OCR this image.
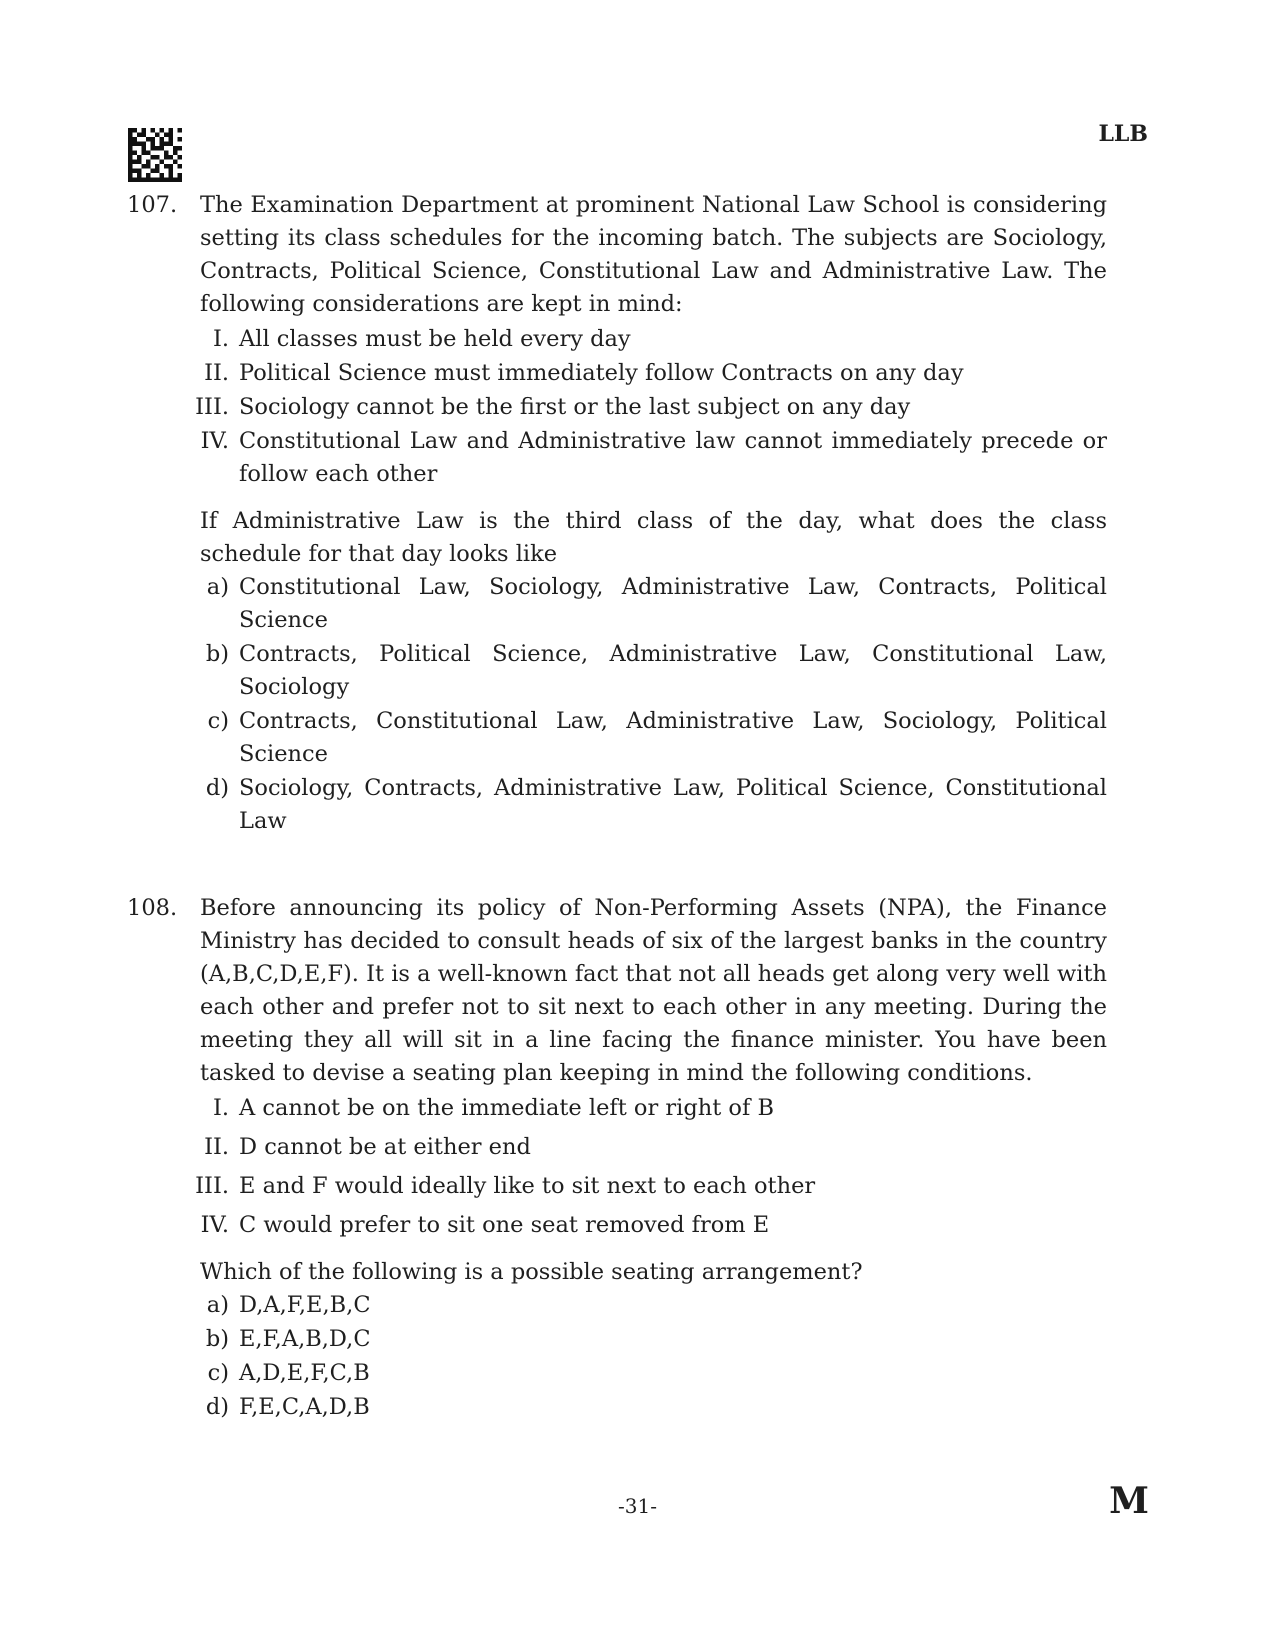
LLB
107. The Examination Department at prominent National Law School is considering setting its class schedules for the incoming batch. The subjects are Sociology, Contracts, Political Science, Constitutional Law and Administrative Law. The following considerations are kept in mind:
I. All classes must be held every day
II. Political Science must immediately follow Contracts on any day
III. Sociology cannot be the first or the last subject on any day
IV. Constitutional Law and Administrative law cannot immediately precede or follow each other
If Administrative Law is the third class of the day, what does the class schedule for that day looks like
a) Constitutional Law, Sociology, Administrative Law, Contracts, Political Science
b) Contracts, Political Science, Administrative Law, Constitutional Law, Sociology
c) Contracts, Constitutional Law, Administrative Law, Sociology, Political Science
d) Sociology, Contracts, Administrative Law, Political Science, Constitutional Law
108. Before announcing its policy of Non-Performing Assets (NPA), the Finance Ministry has decided to consult heads of six of the largest banks in the country (A,B,C,D,E,F). It is a well-known fact that not all heads get along very well with each other and prefer not to sit next to each other in any meeting. During the meeting they all will sit in a line facing the finance minister. You have been tasked to devise a seating plan keeping in mind the following conditions.
I. A cannot be on the immediate left or right of B
II. D cannot be at either end
III. E and F would ideally like to sit next to each other
IV. C would prefer to sit one seat removed from E
Which of the following is a possible seating arrangement?
a) D,A,F,E,B,C
b) E,F,A,B,D,C
c) A,D,E,F,C,B
d) F,E,C,A,D,B
-31-	M
